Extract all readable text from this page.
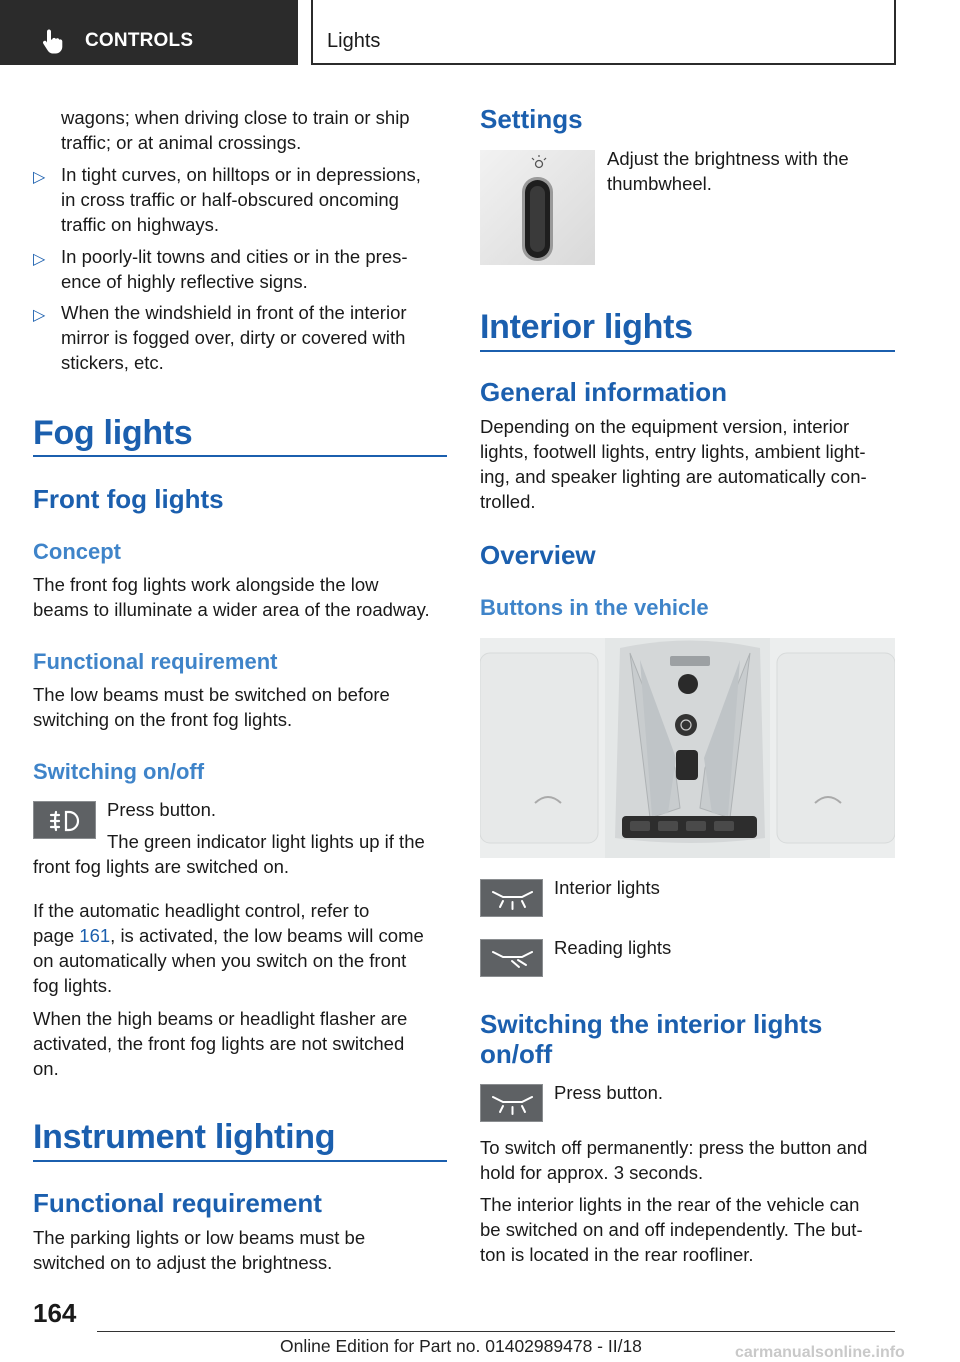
CONTROLS	Lights
wagons; when driving close to train or ship
traffic; or at animal crossings.
▷ In tight curves, on hilltops or in depressions,
in cross traffic or half-obscured oncoming
traffic on highways.
▷ In poorly-lit towns and cities or in the pres-
ence of highly reflective signs.
▷ When the windshield in front of the interior
mirror is fogged over, dirty or covered with
stickers, etc.
Fog lights
Front fog lights
Concept
The front fog lights work alongside the low
beams to illuminate a wider area of the roadway.
Functional requirement
The low beams must be switched on before
switching on the front fog lights.
Switching on/off
Press button.
The green indicator light lights up if the
front fog lights are switched on.
If the automatic headlight control, refer to
page 161, is activated, the low beams will come
on automatically when you switch on the front
fog lights.
When the high beams or headlight flasher are
activated, the front fog lights are not switched
on.
Instrument lighting
Functional requirement
The parking lights or low beams must be
switched on to adjust the brightness.
Settings
Adjust the brightness with the
thumbwheel.
Interior lights
General information
Depending on the equipment version, interior
lights, footwell lights, entry lights, ambient light-
ing, and speaker lighting are automatically con-
trolled.
Overview
Buttons in the vehicle
Interior lights
Reading lights
Switching the interior lights
on/off
Press button.
To switch off permanently: press the button and
hold for approx. 3 seconds.
The interior lights in the rear of the vehicle can
be switched on and off independently. The but-
ton is located in the rear roofliner.
164
Online Edition for Part no. 01402989478 - II/18	carmanualsonline.info
